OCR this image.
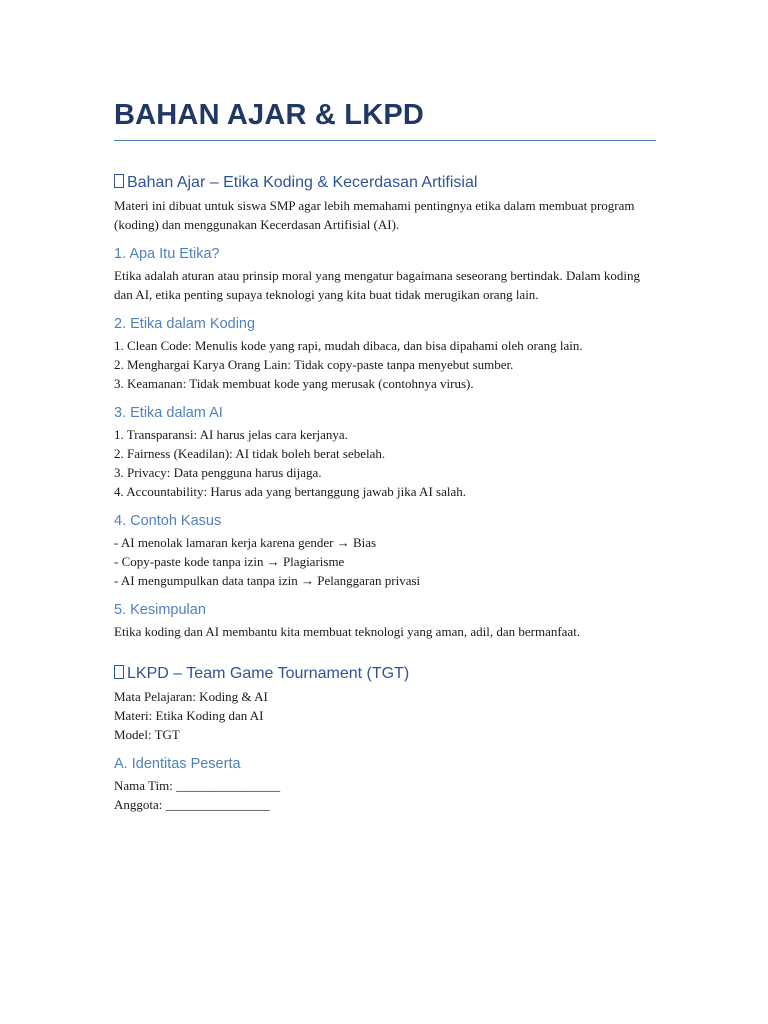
BAHAN AJAR & LKPD
Bahan Ajar – Etika Koding & Kecerdasan Artifisial

Materi ini dibuat untuk siswa SMP agar lebih memahami pentingnya etika dalam membuat program (koding) dan menggunakan Kecerdasan Artifisial (AI).

1. Apa Itu Etika?

Etika adalah aturan atau prinsip moral yang mengatur bagaimana seseorang bertindak. Dalam koding dan AI, etika penting supaya teknologi yang kita buat tidak merugikan orang lain.

2. Etika dalam Koding
1. Clean Code: Menulis kode yang rapi, mudah dibaca, dan bisa dipahami oleh orang lain.
2. Menghargai Karya Orang Lain: Tidak copy-paste tanpa menyebut sumber.
3. Keamanan: Tidak membuat kode yang merusak (contohnya virus).
3. Etika dalam AI
1. Transparansi: AI harus jelas cara kerjanya.
2. Fairness (Keadilan): AI tidak boleh berat sebelah.
3. Privacy: Data pengguna harus dijaga.
4. Accountability: Harus ada yang bertanggung jawab jika AI salah.
4. Contoh Kasus
- AI menolak lamaran kerja karena gender → Bias
- Copy-paste kode tanpa izin → Plagiarisme
- AI mengumpulkan data tanpa izin → Pelanggaran privasi
5. Kesimpulan

Etika koding dan AI membantu kita membuat teknologi yang aman, adil, dan bermanfaat.

LKPD – Team Game Tournament (TGT)
Mata Pelajaran: Koding & AI
Materi: Etika Koding dan AI
Model: TGT
A. Identitas Peserta
Nama Tim: ________________
Anggota: ________________
